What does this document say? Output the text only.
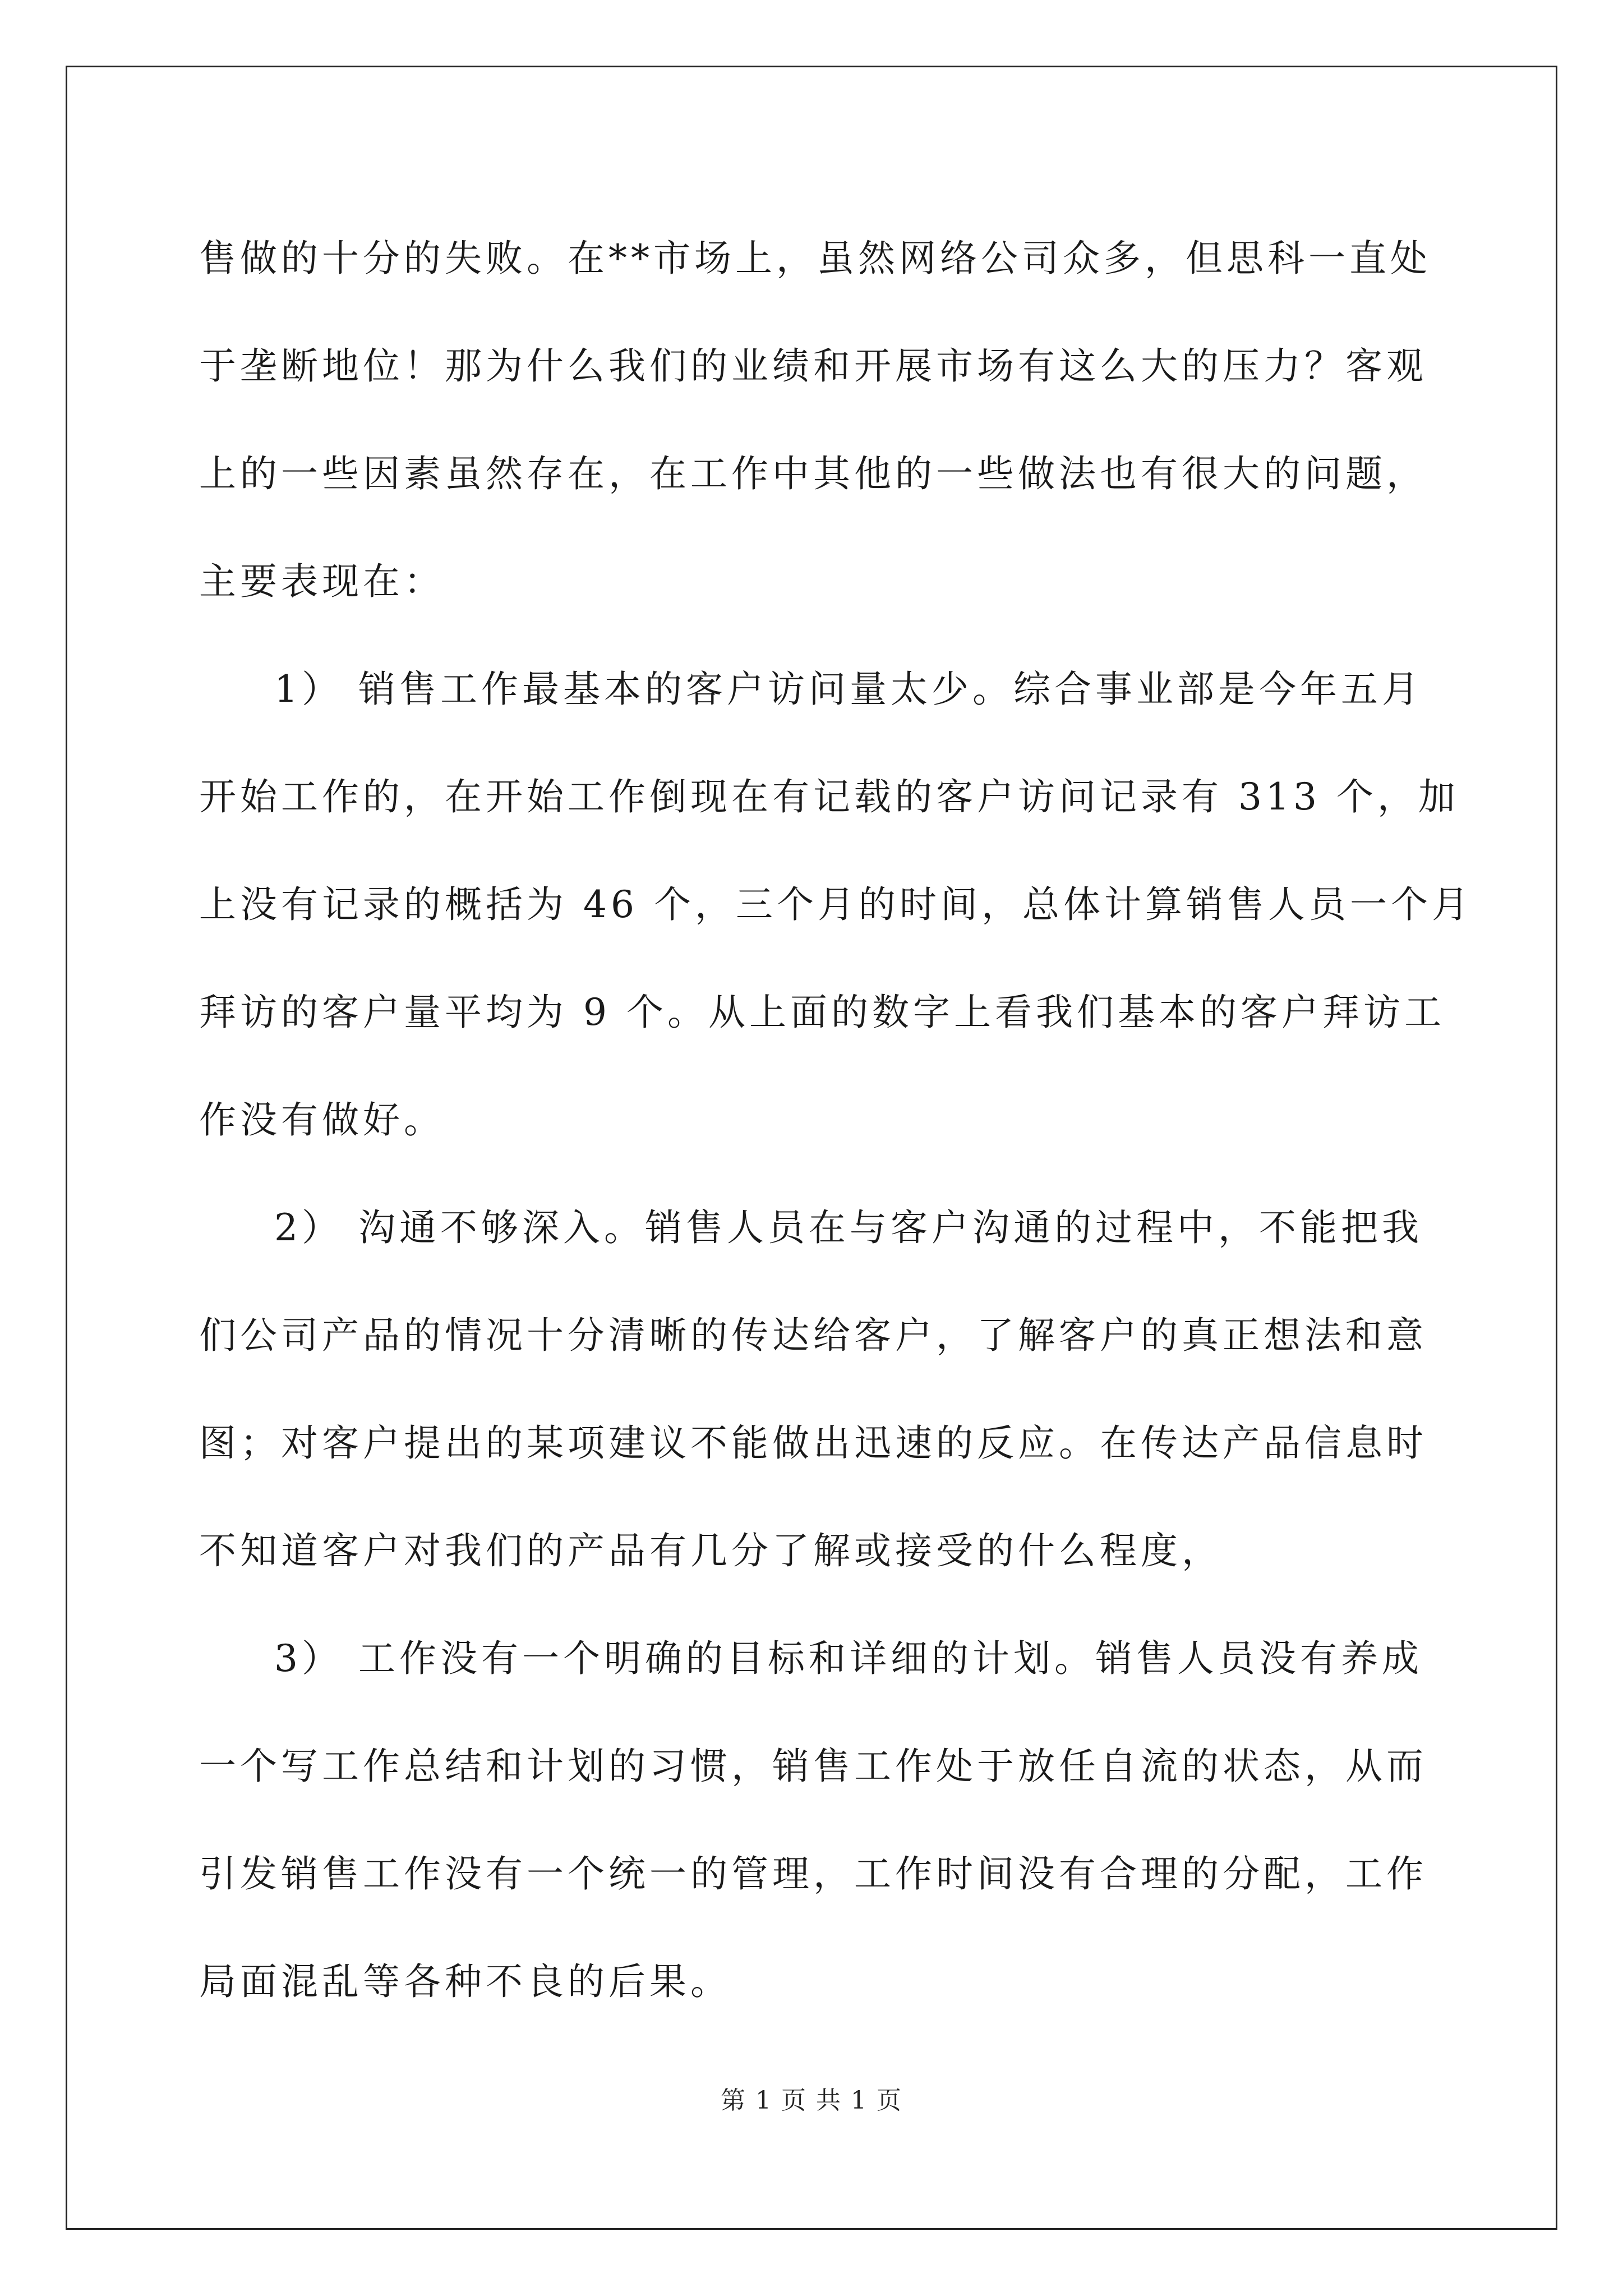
售做的十分的失败。在**市场上，虽然网络公司众多，但思科一直处
于垄断地位！那为什么我们的业绩和开展市场有这么大的压力？客观
上的一些因素虽然存在，在工作中其他的一些做法也有很大的问题，
主要表现在：
1） 销售工作最基本的客户访问量太少。综合事业部是今年五月
开始工作的，在开始工作倒现在有记载的客户访问记录有 313 个，加
上没有记录的概括为 46 个，三个月的时间，总体计算销售人员一个月
拜访的客户量平均为 9 个。从上面的数字上看我们基本的客户拜访工
作没有做好。
2） 沟通不够深入。销售人员在与客户沟通的过程中，不能把我
们公司产品的情况十分清晰的传达给客户，了解客户的真正想法和意
图；对客户提出的某项建议不能做出迅速的反应。在传达产品信息时
不知道客户对我们的产品有几分了解或接受的什么程度，
3） 工作没有一个明确的目标和详细的计划。销售人员没有养成
一个写工作总结和计划的习惯，销售工作处于放任自流的状态，从而
引发销售工作没有一个统一的管理，工作时间没有合理的分配，工作
局面混乱等各种不良的后果。
第 1 页 共 1 页
